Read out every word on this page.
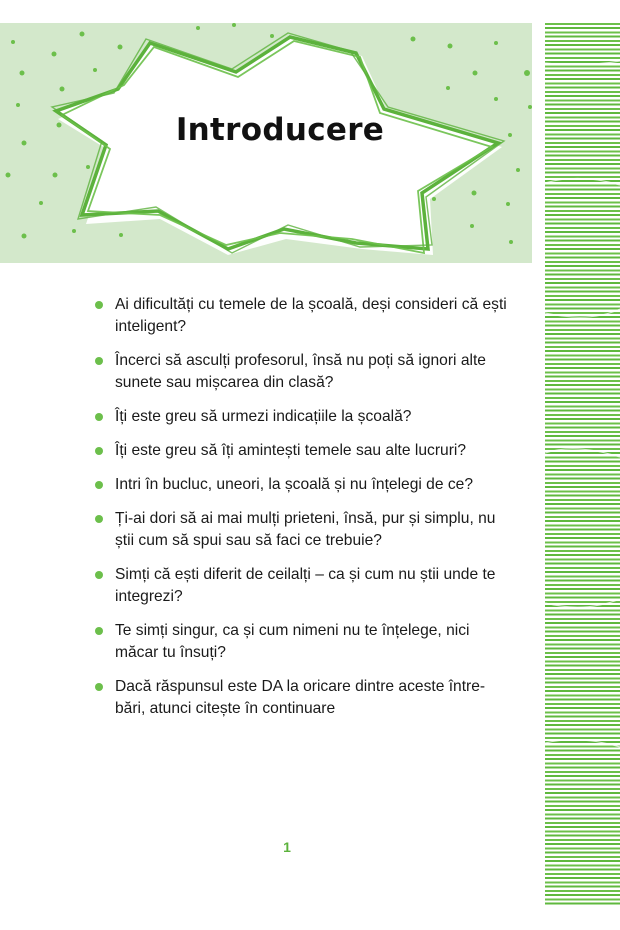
Introducere
Ai dificultăți cu temele de la școală, deși consideri că ești inteligent?
Încerci să asculți profesorul, însă nu poți să ignori alte sunete sau mișcarea din clasă?
Îți este greu să urmezi indicațiile la școală?
Îți este greu să îți amintești temele sau alte lucruri?
Intri în bucluc, uneori, la școală și nu înțelegi de ce?
Ți-ai dori să ai mai mulți prieteni, însă, pur și simplu, nu știi cum să spui sau să faci ce trebuie?
Simți că ești diferit de ceilalți – ca și cum nu știi unde te integrezi?
Te simți singur, ca și cum nimeni nu te înțelege, nici măcar tu însuți?
Dacă răspunsul este DA la oricare dintre aceste între-bări, atunci citește în continuare
1
